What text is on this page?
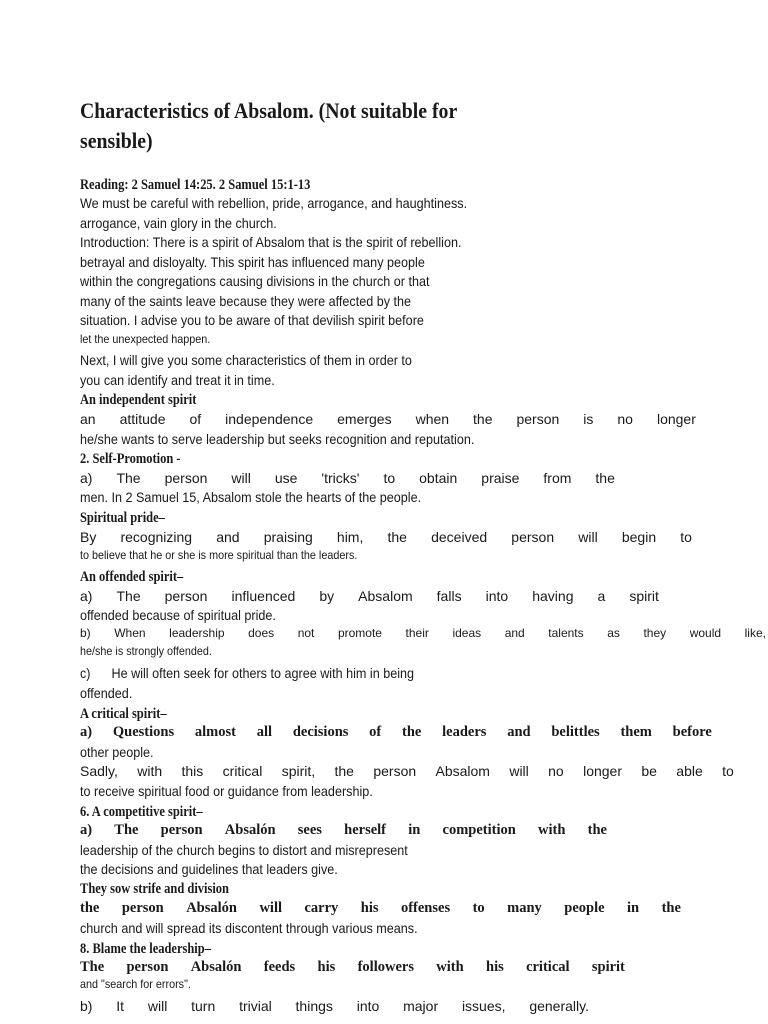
Characteristics of Absalom. (Not suitable for sensible)
Reading: 2 Samuel 14:25. 2 Samuel 15:1-13
We must be careful with rebellion, pride, arrogance, and haughtiness.
arrogance, vain glory in the church.
Introduction: There is a spirit of Absalom that is the spirit of rebellion.
betrayal and disloyalty. This spirit has influenced many people
within the congregations causing divisions in the church or that
many of the saints leave because they were affected by the
situation. I advise you to be aware of that devilish spirit before
let the unexpected happen.
Next, I will give you some characteristics of them in order to
you can identify and treat it in time.
An independent spirit
an attitude of independence emerges when the person is no longer
he/she wants to serve leadership but seeks recognition and reputation.
2. Self-Promotion -
a) The person will use 'tricks' to obtain praise from the
men. In 2 Samuel 15, Absalom stole the hearts of the people.
Spiritual pride–
By recognizing and praising him, the deceived person will begin to
to believe that he or she is more spiritual than the leaders.
An offended spirit–
a) The person influenced by Absalom falls into having a spirit
offended because of spiritual pride.
b) When leadership does not promote their ideas and talents as they would like,
he/she is strongly offended.
c)      He will often seek for others to agree with him in being
offended.
A critical spirit–
a) Questions almost all decisions of the leaders and belittles them before
other people.
Sadly, with this critical spirit, the person Absalom will no longer be able to
to receive spiritual food or guidance from leadership.
6. A competitive spirit–
a) The person Absalón sees herself in competition with the
leadership of the church begins to distort and misrepresent
the decisions and guidelines that leaders give.
They sow strife and division
the person Absalón will carry his offenses to many people in the
church and will spread its discontent through various means.
8. Blame the leadership–
The person Absalón feeds his followers with his critical spirit
and "search for errors".
b) It will turn trivial things into major issues, generally.
